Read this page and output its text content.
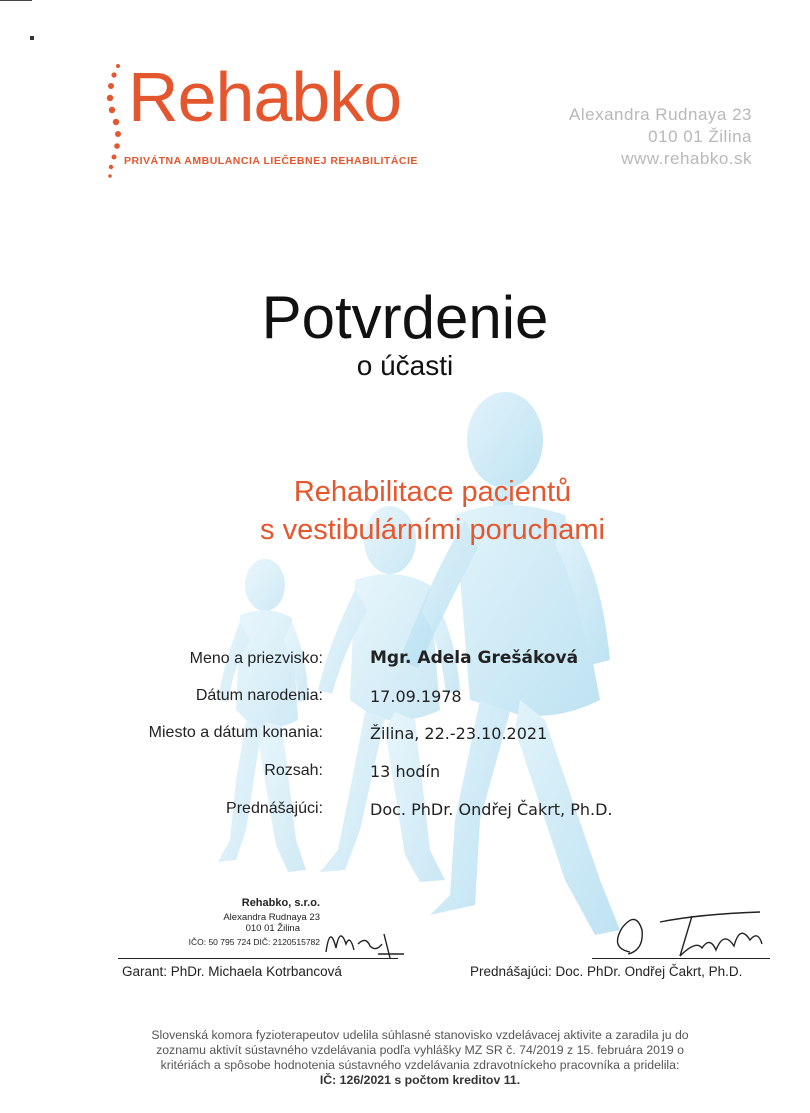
Rehabko
PRIVÁTNA AMBULANCIA LIEČEBNEJ REHABILITÁCIE
Alexandra Rudnaya 23
010 01 Žilina
www.rehabko.sk
Potvrdenie
o účasti
Rehabilitace pacientů
s vestibulárními poruchami
Meno a priezvisko:	Mgr. Adela Grešáková
Dátum narodenia:	17.09.1978
Miesto a dátum konania:	Žilina, 22.-23.10.2021
Rozsah:	13 hodín
Prednášajúci:	Doc. PhDr. Ondřej Čakrt, Ph.D.
Rehabko, s.r.o.
Alexandra Rudnaya 23
010 01 Žilina
IČO: 50 795 724 DIČ: 2120515782
Garant: PhDr. Michaela Kotrbancová	Prednášajúci: Doc. PhDr. Ondřej Čakrt, Ph.D.
Slovenská komora fyzioterapeutov udelila súhlasné stanovisko vzdelávacej aktivite a zaradila ju do
zoznamu aktivít sústavného vzdelávania podľa vyhlášky MZ SR č. 74/2019 z 15. februára 2019 o
kritériách a spôsobe hodnotenia sústavného vzdelávania zdravotníckeho pracovníka a pridelila:
IČ: 126/2021 s počtom kreditov 11.
